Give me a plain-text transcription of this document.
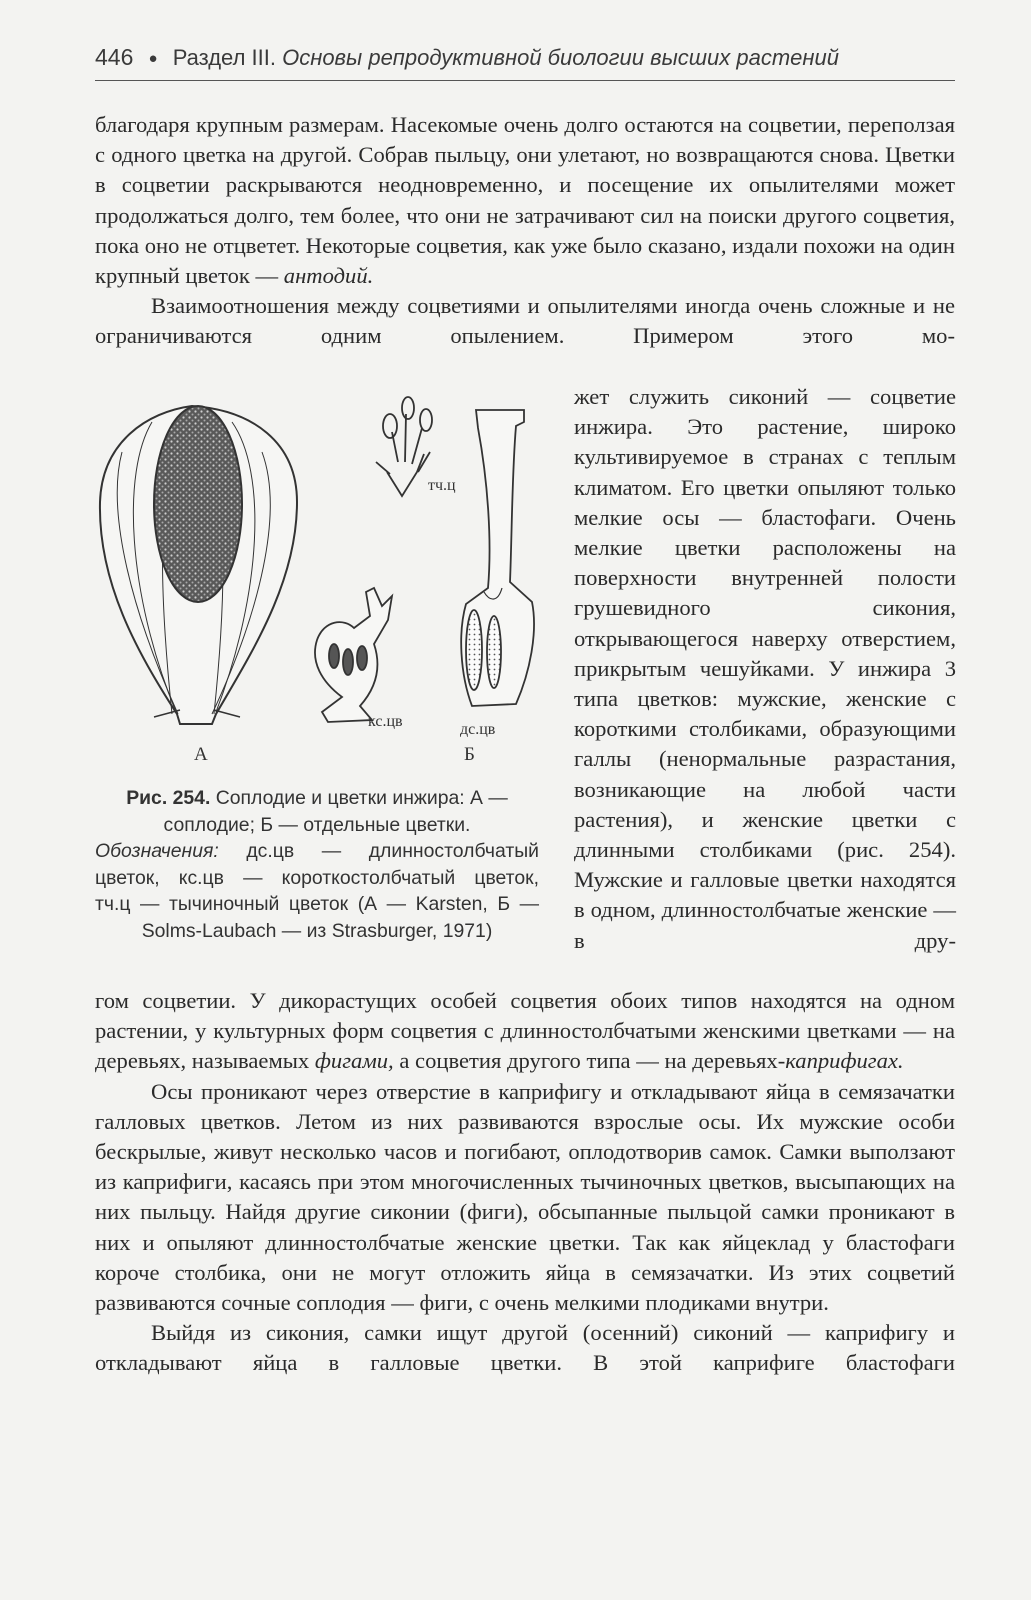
446 ● Раздел III. Основы репродуктивной биологии высших растений

благодаря крупным размерам. Насекомые очень долго остаются на соцветии, переползая с одного цветка на другой. Собрав пыльцу, они улетают, но возвращаются снова. Цветки в соцветии раскрываются неодновременно, и посещение их опылителями может продолжаться долго, тем более, что они не затрачивают сил на поиски другого соцветия, пока оно не отцветет. Некоторые соцветия, как уже было сказано, издали похожи на один крупный цветок — антодий.

Взаимоотношения между соцветиями и опылителями иногда очень сложные и не ограничиваются одним опылением. Примером этого мо-

А
тч.ц
кс.цв	дс.цв
Б
Рис. 254. Соплодие и цветки инжира: А —
соплодие; Б — отдельные цветки.
Обозначения: дс.цв — длинностолбчатый
цветок, кс.цв — короткостолбчатый цветок,
тч.ц — тычиночный цветок (А — Karsten, Б —
Solms-Laubach — из Strasburger, 1971)

жет служить сиконий — соцветие инжира. Это растение, широко культивируемое в странах с теплым климатом. Его цветки опыляют только мелкие осы — бластофаги. Очень мелкие цветки расположены на поверхности внутренней полости грушевидного сикония, открывающегося наверху отверстием, прикрытым чешуйками. У инжира 3 типа цветков: мужские, женские с короткими столбиками, образующими галлы (ненормальные разрастания, возникающие на любой части растения), и женские цветки с длинными столбиками (рис. 254). Мужские и галловые цветки находятся в одном, длинностолбчатые женские — в дру-

гом соцветии. У дикорастущих особей соцветия обоих типов находятся на одном растении, у культурных форм соцветия с длинностолбчатыми женскими цветками — на деревьях, называемых фигами, а соцветия другого типа — на деревьях-каприфигах.

Осы проникают через отверстие в каприфигу и откладывают яйца в семязачатки галловых цветков. Летом из них развиваются взрослые осы. Их мужские особи бескрылые, живут несколько часов и погибают, оплодотворив самок. Самки выползают из каприфиги, касаясь при этом многочисленных тычиночных цветков, высыпающих на них пыльцу. Найдя другие сиконии (фиги), обсыпанные пыльцой самки проникают в них и опыляют длинностолбчатые женские цветки. Так как яйцеклад у бластофаги короче столбика, они не могут отложить яйца в семязачатки. Из этих соцветий развиваются сочные соплодия — фиги, с очень мелкими плодиками внутри.

Выйдя из сикония, самки ищут другой (осенний) сиконий — каприфигу и откладывают яйца в галловые цветки. В этой каприфиге бластофаги
